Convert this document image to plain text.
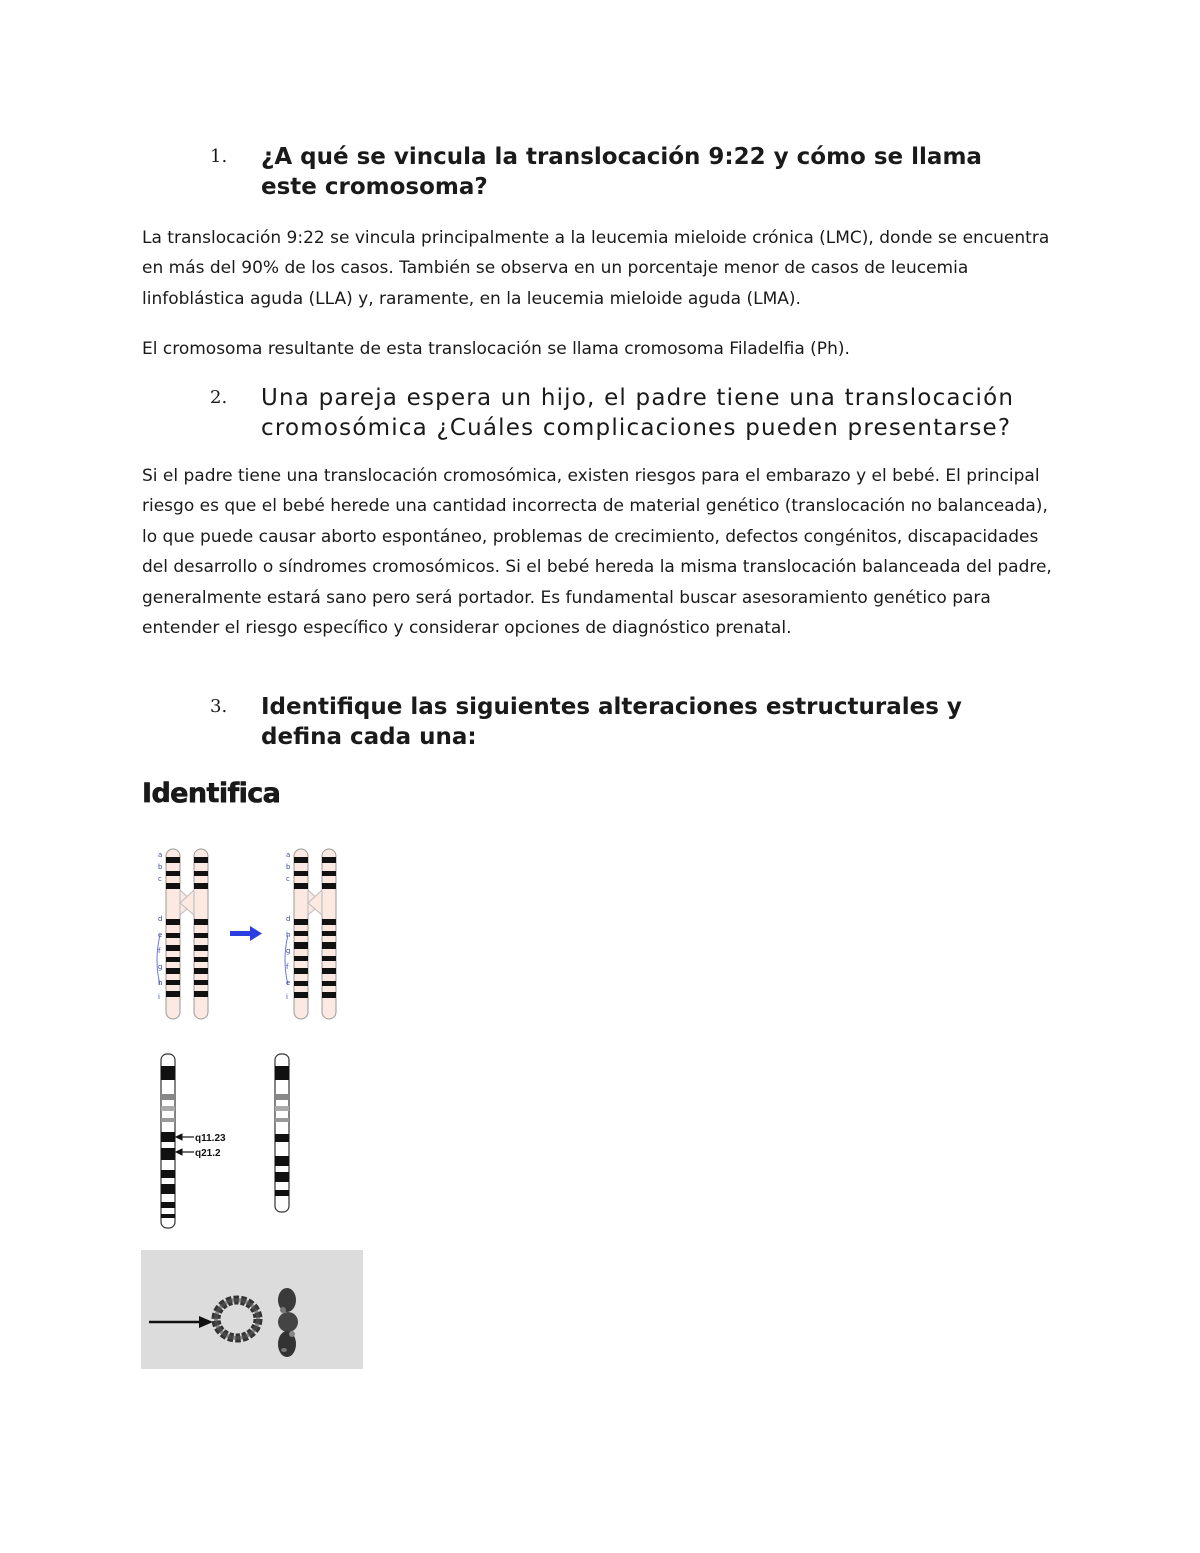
1. ¿A qué se vincula la translocación 9:22 y cómo se llama este cromosoma?

La translocación 9:22 se vincula principalmente a la leucemia mieloide crónica (LMC), donde se encuentra en más del 90% de los casos. También se observa en un porcentaje menor de casos de leucemia linfoblástica aguda (LLA) y, raramente, en la leucemia mieloide aguda (LMA).

El cromosoma resultante de esta translocación se llama cromosoma Filadelfia (Ph).

2. Una pareja espera un hijo, el padre tiene una translocación cromosómica ¿Cuáles complicaciones pueden presentarse?

Si el padre tiene una translocación cromosómica, existen riesgos para el embarazo y el bebé. El principal riesgo es que el bebé herede una cantidad incorrecta de material genético (translocación no balanceada), lo que puede causar aborto espontáneo, problemas de crecimiento, defectos congénitos, discapacidades del desarrollo o síndromes cromosómicos. Si el bebé hereda la misma translocación balanceada del padre, generalmente estará sano pero será portador. Es fundamental buscar asesoramiento genético para entender el riesgo específico y considerar opciones de diagnóstico prenatal.

3. Identifique las siguientes alteraciones estructurales y defina cada una:
Identifica
a
b
c
d
e
f
g
h
i
a
b
c
d
h
g
f
e
i
q11.23
q21.2
